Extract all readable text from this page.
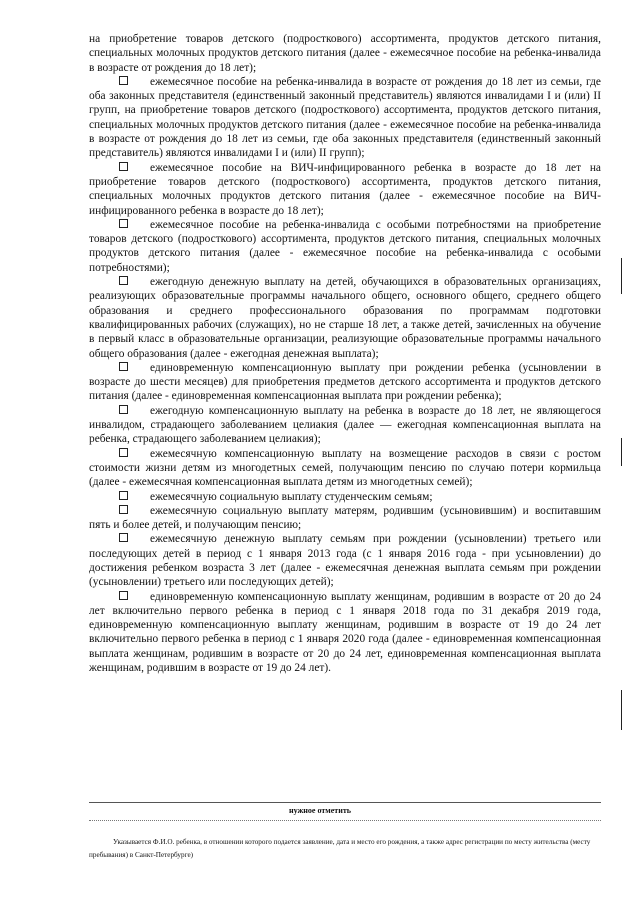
на приобретение товаров детского (подросткового) ассортимента, продуктов детского питания, специальных молочных продуктов детского питания (далее - ежемесячное пособие на ребенка-инвалида в возрасте от рождения до 18 лет);

ежемесячное пособие на ребенка-инвалида в возрасте от рождения до 18 лет из семьи, где оба законных представителя (единственный законный представитель) являются инвалидами I и (или) II групп, на приобретение товаров детского (подросткового) ассортимента, продуктов детского питания, специальных молочных продуктов детского питания (далее - ежемесячное пособие на ребенка-инвалида в возрасте от рождения до 18 лет из семьи, где оба законных представителя (единственный законный представитель) являются инвалидами I и (или) II групп);

ежемесячное пособие на ВИЧ-инфицированного ребенка в возрасте до 18 лет на приобретение товаров детского (подросткового) ассортимента, продуктов детского питания, специальных молочных продуктов детского питания (далее - ежемесячное пособие на ВИЧ-инфицированного ребенка в возрасте до 18 лет);

ежемесячное пособие на ребенка-инвалида с особыми потребностями на приобретение товаров детского (подросткового) ассортимента, продуктов детского питания, специальных молочных продуктов детского питания (далее - ежемесячное пособие на ребенка-инвалида с особыми потребностями);

ежегодную денежную выплату на детей, обучающихся в образовательных организациях, реализующих образовательные программы начального общего, основного общего, среднего общего образования и среднего профессионального образования по программам подготовки квалифицированных рабочих (служащих), но не старше 18 лет, а также детей, зачисленных на обучение в первый класс в образовательные организации, реализующие образовательные программы начального общего образования (далее - ежегодная денежная выплата);

единовременную компенсационную выплату при рождении ребенка (усыновлении в возрасте до шести месяцев) для приобретения предметов детского ассортимента и продуктов детского питания (далее - единовременная компенсационная выплата при рождении ребенка);

ежегодную компенсационную выплату на ребенка в возрасте до 18 лет, не являющегося инвалидом, страдающего заболеванием целиакия (далее — ежегодная компенсационная выплата на ребенка, страдающего заболеванием целиакия);

ежемесячную компенсационную выплату на возмещение расходов в связи с ростом стоимости жизни детям из многодетных семей, получающим пенсию по случаю потери кормильца (далее - ежемесячная компенсационная выплата детям из многодетных семей);

ежемесячную социальную выплату студенческим семьям;

ежемесячную социальную выплату матерям, родившим (усыновившим) и воспитавшим пять и более детей, и получающим пенсию;

ежемесячную денежную выплату семьям при рождении (усыновлении) третьего или последующих детей в период с 1 января 2013 года (с 1 января 2016 года - при усыновлении) до достижения ребенком возраста 3 лет (далее - ежемесячная денежная выплата семьям при рождении (усыновлении) третьего или последующих детей);

единовременную компенсационную выплату женщинам, родившим в возрасте от 20 до 24 лет включительно первого ребенка в период с 1 января 2018 года по 31 декабря 2019 года, единовременную компенсационную выплату женщинам, родившим в возрасте от 19 до 24 лет включительно первого ребенка в период с 1 января 2020 года (далее - единовременная компенсационная выплата женщинам, родившим в возрасте от 20 до 24 лет, единовременная компенсационная выплата женщинам, родившим в возрасте от 19 до 24 лет).

нужное отметить

Указывается Ф.И.О. ребенка, в отношении которого подается заявление, дата и место его рождения, а также адрес регистрации по месту жительства (месту пребывания) в Санкт-Петербурге)
